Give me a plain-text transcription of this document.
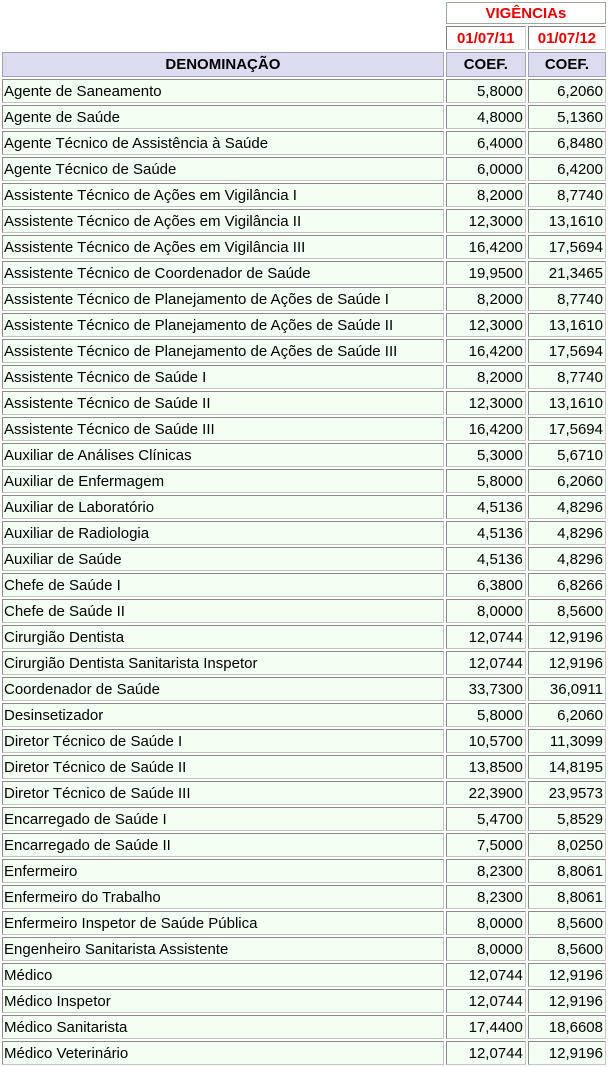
	VIGÊNCIAs	
	01/07/11	01/07/12
DENOMINAÇÃO	COEF.	COEF.
Agente de Saneamento	5,8000	6,2060
Agente de Saúde	4,8000	5,1360
Agente Técnico de Assistência à Saúde	6,4000	6,8480
Agente Técnico de Saúde	6,0000	6,4200
Assistente Técnico de Ações em Vigilância I	8,2000	8,7740
Assistente Técnico de Ações em Vigilância II	12,3000	13,1610
Assistente Técnico de Ações em Vigilância III	16,4200	17,5694
Assistente Técnico de Coordenador de Saúde	19,9500	21,3465
Assistente Técnico de Planejamento de Ações de Saúde I	8,2000	8,7740
Assistente Técnico de Planejamento de Ações de Saúde II	12,3000	13,1610
Assistente Técnico de Planejamento de Ações de Saúde III	16,4200	17,5694
Assistente Técnico de Saúde I	8,2000	8,7740
Assistente Técnico de Saúde II	12,3000	13,1610
Assistente Técnico de Saúde III	16,4200	17,5694
Auxiliar de Análises Clínicas	5,3000	5,6710
Auxiliar de Enfermagem	5,8000	6,2060
Auxiliar de Laboratório	4,5136	4,8296
Auxiliar de Radiologia	4,5136	4,8296
Auxiliar de Saúde	4,5136	4,8296
Chefe de Saúde I	6,3800	6,8266
Chefe de Saúde II	8,0000	8,5600
Cirurgião Dentista	12,0744	12,9196
Cirurgião Dentista Sanitarista Inspetor	12,0744	12,9196
Coordenador de Saúde	33,7300	36,0911
Desinsetizador	5,8000	6,2060
Diretor Técnico de Saúde I	10,5700	11,3099
Diretor Técnico de Saúde II	13,8500	14,8195
Diretor Técnico de Saúde III	22,3900	23,9573
Encarregado de Saúde I	5,4700	5,8529
Encarregado de Saúde II	7,5000	8,0250
Enfermeiro	8,2300	8,8061
Enfermeiro do Trabalho	8,2300	8,8061
Enfermeiro Inspetor de Saúde Pública	8,0000	8,5600
Engenheiro Sanitarista Assistente	8,0000	8,5600
Médico	12,0744	12,9196
Médico Inspetor	12,0744	12,9196
Médico Sanitarista	17,4400	18,6608
Médico Veterinário	12,0744	12,9196
